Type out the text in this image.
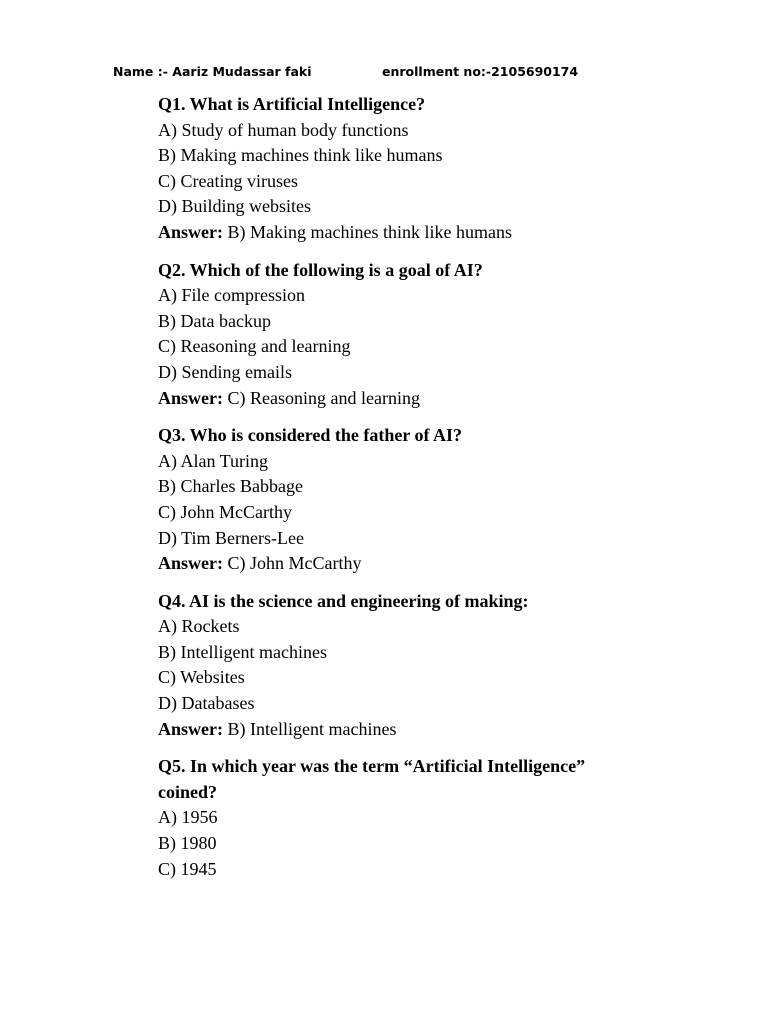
Name :- Aariz Mudassar faki	enrollment no:-2105690174
Q1. What is Artificial Intelligence?
A) Study of human body functions
B) Making machines think like humans
C) Creating viruses
D) Building websites
Answer: B) Making machines think like humans
Q2. Which of the following is a goal of AI?
A) File compression
B) Data backup
C) Reasoning and learning
D) Sending emails
Answer: C) Reasoning and learning
Q3. Who is considered the father of AI?
A) Alan Turing
B) Charles Babbage
C) John McCarthy
D) Tim Berners-Lee
Answer: C) John McCarthy
Q4. AI is the science and engineering of making:
A) Rockets
B) Intelligent machines
C) Websites
D) Databases
Answer: B) Intelligent machines
Q5. In which year was the term “Artificial Intelligence” coined?
A) 1956
B) 1980
C) 1945
